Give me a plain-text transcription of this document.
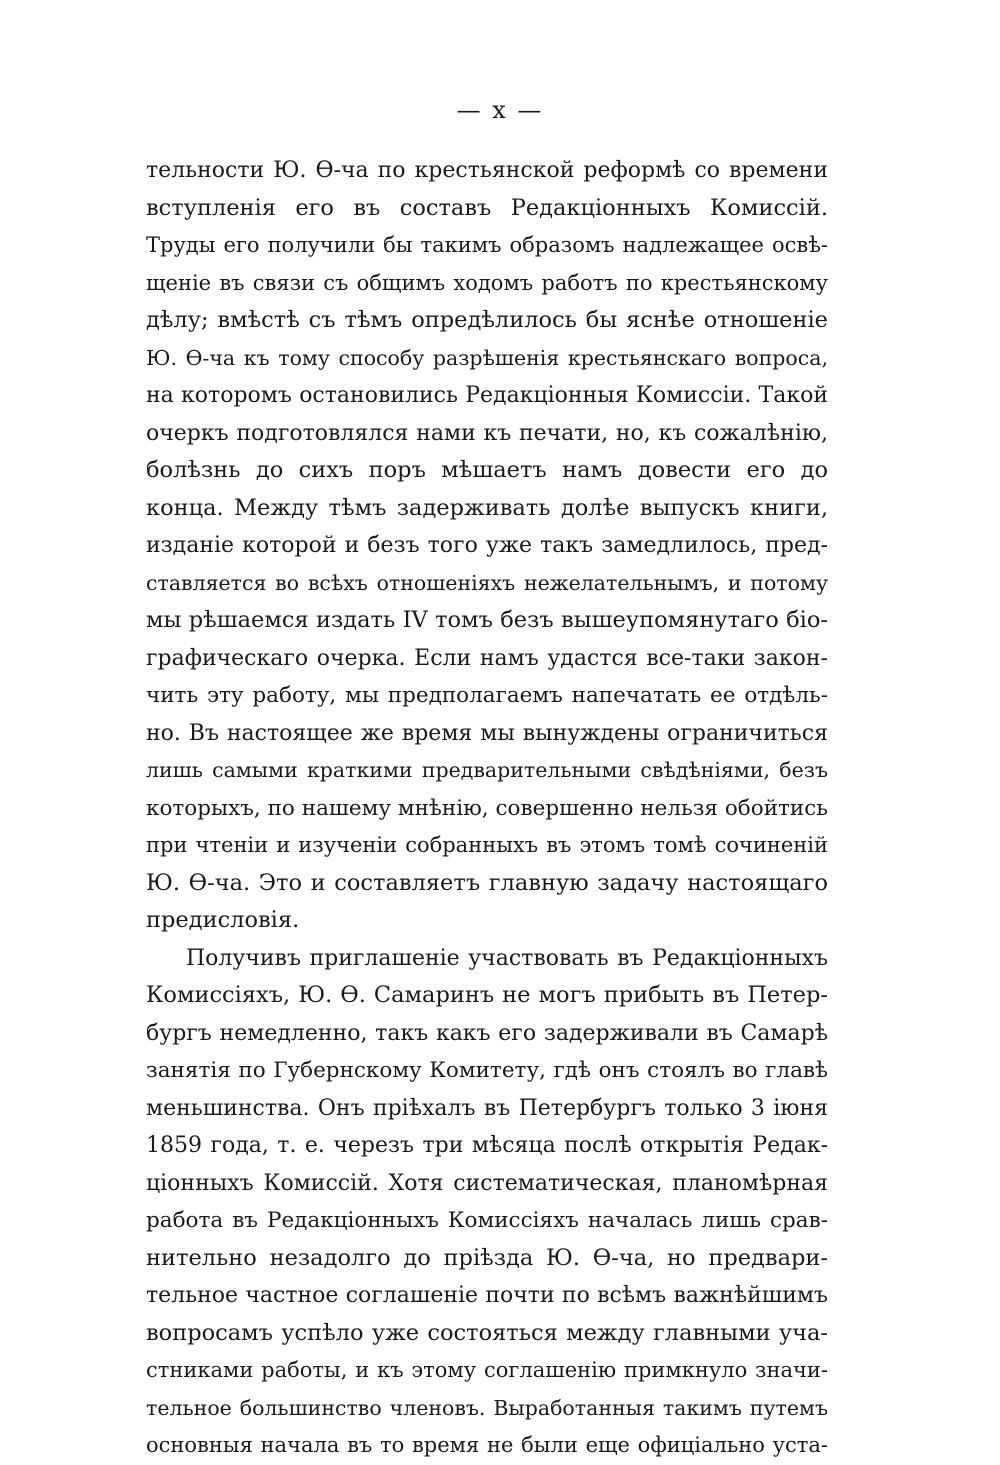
— x —
тельности Ю. Ѳ-ча по крестьянской реформѣ со времени
вступленія его въ составъ Редакціонныхъ Комиссій.
Труды его получили бы такимъ образомъ надлежащее освѣ-
щеніе въ связи съ общимъ ходомъ работъ по крестьянскому
дѣлу; вмѣстѣ съ тѣмъ опредѣлилось бы яснѣе отношеніе
Ю. Ѳ-ча къ тому способу разрѣшенія крестьянскаго вопроса,
на которомъ остановились Редакціонныя Комиссіи. Такой
очеркъ подготовлялся нами къ печати, но, къ сожалѣнію,
болѣзнь до сихъ поръ мѣшаетъ намъ довести его до
конца. Между тѣмъ задерживать долѣе выпускъ книги,
изданіе которой и безъ того уже такъ замедлилось, пред-
ставляется во всѣхъ отношеніяхъ нежелательнымъ, и потому
мы рѣшаемся издать IV томъ безъ вышеупомянутаго біо-
графическаго очерка. Если намъ удастся все-таки закон-
чить эту работу, мы предполагаемъ напечатать ее отдѣль-
но. Въ настоящее же время мы вынуждены ограничиться
лишь самыми краткими предварительными свѣдѣніями, безъ
которыхъ, по нашему мнѣнію, совершенно нельзя обойтись
при чтеніи и изученіи собранныхъ въ этомъ томѣ сочиненій
Ю. Ѳ-ча. Это и составляетъ главную задачу настоящаго
предисловія.
Получивъ приглашеніе участвовать въ Редакціонныхъ
Комиссіяхъ, Ю. Ѳ. Самаринъ не могъ прибыть въ Петер-
бургъ немедленно, такъ какъ его задерживали въ Самарѣ
занятія по Губернскому Комитету, гдѣ онъ стоялъ во главѣ
меньшинства. Онъ пріѣхалъ въ Петербургъ только 3 іюня
1859 года, т. е. черезъ три мѣсяца послѣ открытія Редак-
ціонныхъ Комиссій. Хотя систематическая, планомѣрная
работа въ Редакціонныхъ Комиссіяхъ началась лишь срав-
нительно незадолго до пріѣзда Ю. Ѳ-ча, но предвари-
тельное частное соглашеніе почти по всѣмъ важнѣйшимъ
вопросамъ успѣло уже состояться между главными уча-
стниками работы, и къ этому соглашенію примкнуло значи-
тельное большинство членовъ. Выработанныя такимъ путемъ
основныя начала въ то время не были еще офиціально уста-
